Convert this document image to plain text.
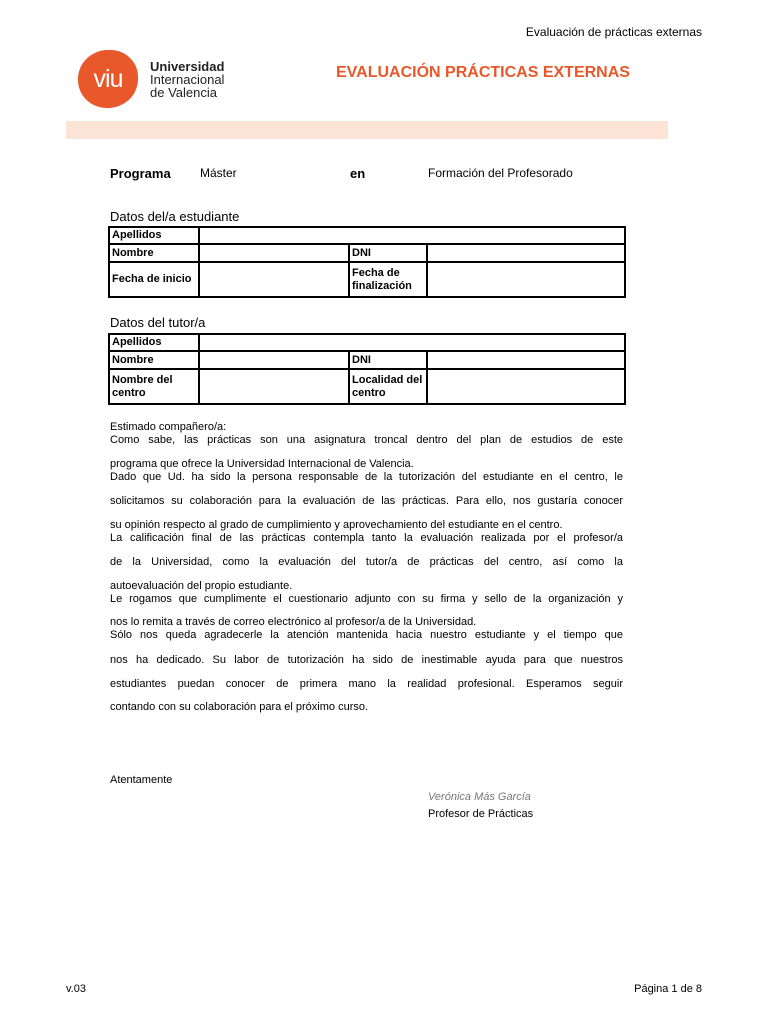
Evaluación de prácticas externas
viu	Universidad
Internacional
de Valencia
EVALUACIÓN PRÁCTICAS EXTERNAS
Programa Máster	en	Formación del Profesorado
Datos del/a estudiante
Apellidos			
Nombre		DNI	
Fecha de inicio		Fecha de
finalización	
Datos del tutor/a
Apellidos			
Nombre		DNI	
Nombre del
centro		Localidad del
centro	
Estimado compañero/a:
Como sabe, las prácticas son una asignatura troncal dentro del plan de estudios de este
programa que ofrece la Universidad Internacional de Valencia.
Dado que Ud. ha sido la persona responsable de la tutorización del estudiante en el centro, le
solicitamos su colaboración para la evaluación de las prácticas. Para ello, nos gustaría conocer
su opinión respecto al grado de cumplimiento y aprovechamiento del estudiante en el centro.
La calificación final de las prácticas contempla tanto la evaluación realizada por el profesor/a
de la Universidad, como la evaluación del tutor/a de prácticas del centro, así como la
autoevaluación del propio estudiante.
Le rogamos que cumplimente el cuestionario adjunto con su firma y sello de la organización y
nos lo remita a través de correo electrónico al profesor/a de la Universidad.
Sólo nos queda agradecerle la atención mantenida hacia nuestro estudiante y el tiempo que
nos ha dedicado. Su labor de tutorización ha sido de inestimable ayuda para que nuestros
estudiantes puedan conocer de primera mano la realidad profesional. Esperamos seguir
contando con su colaboración para el próximo curso.
Atentamente
Verónica Más García
Profesor de Prácticas
v.03	Página 1 de 8
